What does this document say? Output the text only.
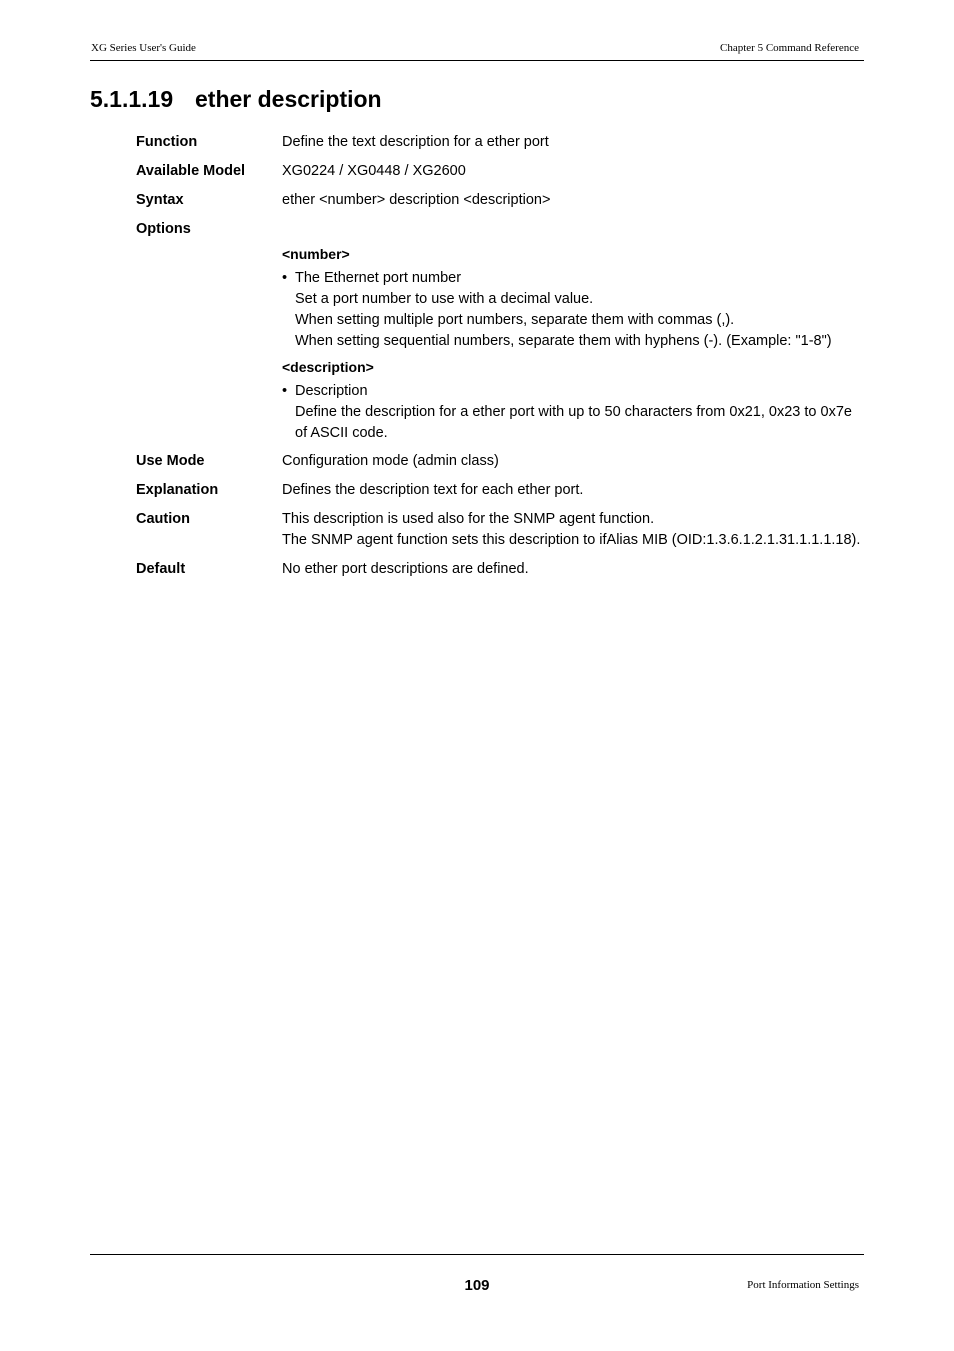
XG Series User's Guide	Chapter 5 Command Reference
5.1.1.19 ether description
Function	Define the text description for a ether port
Available Model	XG0224 / XG0448 / XG2600
Syntax	ether <number> description <description>
Options
<number>
• The Ethernet port number
Set a port number to use with a decimal value.
When setting multiple port numbers, separate them with commas (,).
When setting sequential numbers, separate them with hyphens (-). (Example: "1-8")
<description>
• Description
Define the description for a ether port with up to 50 characters from 0x21, 0x23 to 0x7e
of ASCII code.
Use Mode	Configuration mode (admin class)
Explanation	Defines the description text for each ether port.
Caution	This description is used also for the SNMP agent function.
The SNMP agent function sets this description to ifAlias MIB (OID:1.3.6.1.2.1.31.1.1.1.18).
Default	No ether port descriptions are defined.
109	Port Information Settings
